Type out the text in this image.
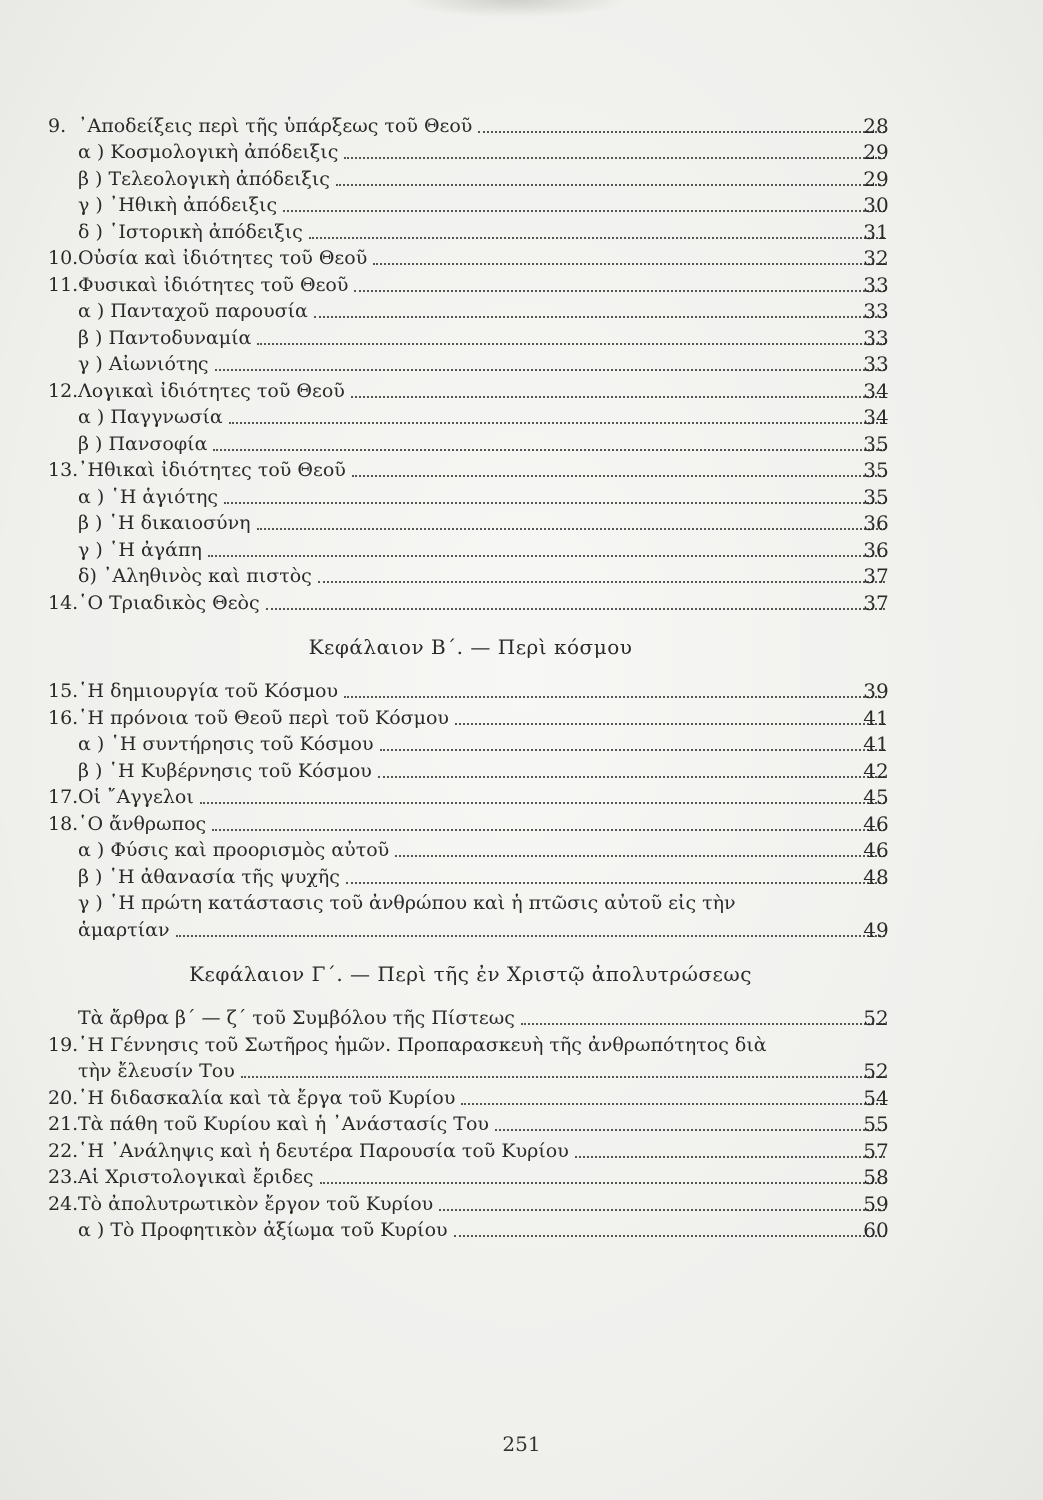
9. ᾿Αποδείξεις περὶ τῆς ὑπάρξεως τοῦ Θεοῦ	28
α ) Κοσμολογικὴ ἀπόδειξις	29
β ) Τελεολογικὴ ἀπόδειξις	29
γ ) ᾿Ηθικὴ ἀπόδειξις	30
δ ) ῾Ιστορικὴ ἀπόδειξις	31
10. Οὐσία καὶ ἰδιότητες τοῦ Θεοῦ	32
11. Φυσικαὶ ἰδιότητες τοῦ Θεοῦ	33
α ) Πανταχοῦ παρουσία	33
β ) Παντοδυναμία	33
γ ) Αἰωνιότης	33
12. Λογικαὶ ἰδιότητες τοῦ Θεοῦ	34
α ) Παγγνωσία	34
β ) Πανσοφία	35
13. ᾿Ηθικαὶ ἰδιότητες τοῦ Θεοῦ	35
α ) ῾Η ἁγιότης	35
β ) ῾Η δικαιοσύνη	36
γ ) ῾Η ἀγάπη	36
δ) ᾿Αληθινὸς καὶ πιστὸς	37
14. ῾Ο Τριαδικὸς Θεὸς	37
Κεφάλαιον Β΄. — Περὶ κόσμου
15. ῾Η δημιουργία τοῦ Κόσμου	39
16. ῾Η πρόνοια τοῦ Θεοῦ περὶ τοῦ Κόσμου	41
α ) ῾Η συντήρησις τοῦ Κόσμου	41
β ) ῾Η Κυβέρνησις τοῦ Κόσμου	42
17. Οἱ ῎Αγγελοι	45
18. ῾Ο ἄνθρωπος	46
α ) Φύσις καὶ προορισμὸς αὐτοῦ	46
β ) ῾Η ἀθανασία τῆς ψυχῆς	48
γ ) ῾Η πρώτη κατάστασις τοῦ ἀνθρώπου καὶ ἡ πτῶσις αὐτοῦ εἰς τὴν
ἁμαρτίαν	49
Κεφάλαιον Γ΄. — Περὶ τῆς ἐν Χριστῷ ἀπολυτρώσεως
Τὰ ἄρθρα β΄ — ζ΄ τοῦ Συμβόλου τῆς Πίστεως	52
19. ῾Η Γέννησις τοῦ Σωτῆρος ἡμῶν. Προπαρασκευὴ τῆς ἀνθρωπότητος διὰ
τὴν ἔλευσίν Του	52
20. ῾Η διδασκαλία καὶ τὰ ἔργα τοῦ Κυρίου	54
21. Τὰ πάθη τοῦ Κυρίου καὶ ἡ ᾿Ανάστασίς Του	55
22. ῾Η ᾿Ανάληψις καὶ ἡ δευτέρα Παρουσία τοῦ Κυρίου	57
23. Αἱ Χριστολογικαὶ ἔριδες	58
24. Τὸ ἀπολυτρωτικὸν ἔργον τοῦ Κυρίου	59
α ) Τὸ Προφητικὸν ἀξίωμα τοῦ Κυρίου	60
251
